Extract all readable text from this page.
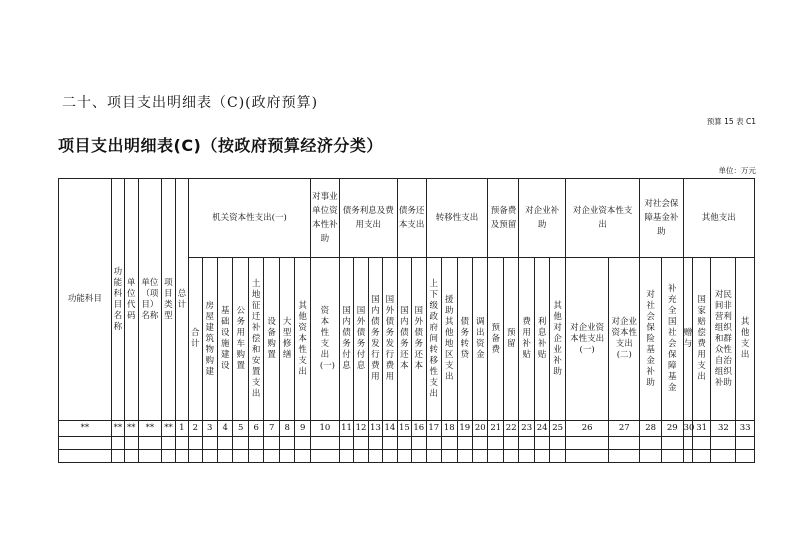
二十、项目支出明细表（C)(政府预算)
预算 15 表 C1
项目支出明细表(C)（按政府预算经济分类）
单位：万元
功能科目	功能科目名称	单位代码	单位（项目）名称	项目类型	总计	机关资本性支出(一)								对事业单位资本性补助	债务利息及费用支出				债务还本支出		转移性支出				预备费及预留		对企业补助			对企业资本性支出		对社会保障基金补助		其他支出			
						合计	房屋建筑物购建	基础设施建设	公务用车购置	土地征迁补偿和安置支出	设备购置	大型修缮	其他资本性支出	资本性支出(一)	国内债务付息	国外债务付息	国内债务发行费用	国外债务发行费用	国内债务还本	国外债务还本	上下级政府间转移性支出	援助其他地区支出	债务转贷	调出资金	预备费	预留	费用补贴	利息补贴	其他对企业补助	对企业资本性支出(一)	对企业资本性支出(二)	对社会保险基金补助	补充全国社会保障基金	赠与	国家赔偿费用支出	对民间非营利组织和群众性自治组织补助	其他支出
**	**	**	**	**	1	2	3	4	5	6	7	8	9	10	11	12	13	14	15	16	17	18	19	20	21	22	23	24	25	26	27	28	29	30	31	32	33
